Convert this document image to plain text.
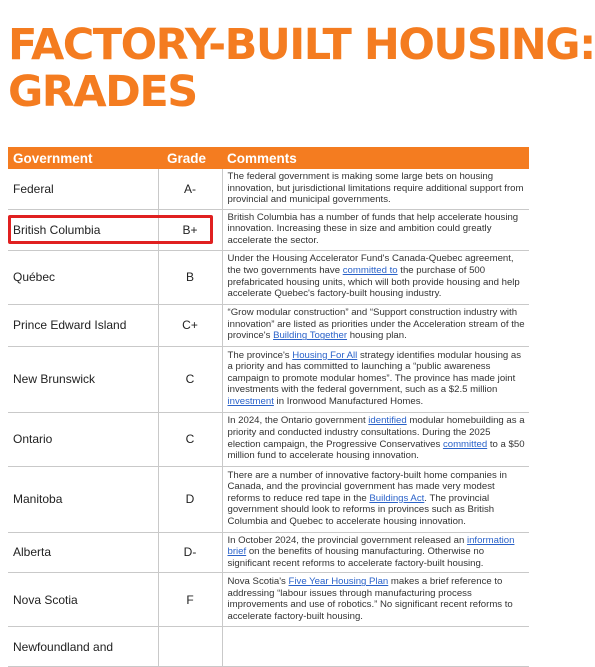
FACTORY-BUILT HOUSING:
GRADES
Government	Grade	Comments
Federal	A-	The federal government is making some large bets on housing innovation, but jurisdictional limitations require additional support from provincial and municipal governments.
British Columbia	B+	British Columbia has a number of funds that help accelerate housing innovation. Increasing these in size and ambition could greatly accelerate the sector.
Québec	B	Under the Housing Accelerator Fund's Canada-Quebec agreement, the two governments have committed to the purchase of 500 prefabricated housing units, which will both provide housing and help accelerate Quebec's factory-built housing industry.
Prince Edward Island	C+	“Grow modular construction” and “Support construction industry with innovation” are listed as priorities under the Acceleration stream of the province's Building Together housing plan.
New Brunswick	C	The province's Housing For All strategy identifies modular housing as a priority and has committed to launching a “public awareness campaign to promote modular homes”. The province has made joint investments with the federal government, such as a $2.5 million investment in Ironwood Manufactured Homes.
Ontario	C	In 2024, the Ontario government identified modular homebuilding as a priority and conducted industry consultations. During the 2025 election campaign, the Progressive Conservatives committed to a $50 million fund to accelerate housing innovation.
Manitoba	D	There are a number of innovative factory-built home companies in Canada, and the provincial government has made very modest reforms to reduce red tape in the Buildings Act. The provincial government should look to reforms in provinces such as British Columbia and Quebec to accelerate housing innovation.
Alberta	D-	In October 2024, the provincial government released an information brief on the benefits of housing manufacturing. Otherwise no significant recent reforms to accelerate factory-built housing.
Nova Scotia	F	Nova Scotia's Five Year Housing Plan makes a brief reference to addressing “labour issues through manufacturing process improvements and use of robotics.” No significant recent reforms to accelerate factory-built housing.
Newfoundland and		
